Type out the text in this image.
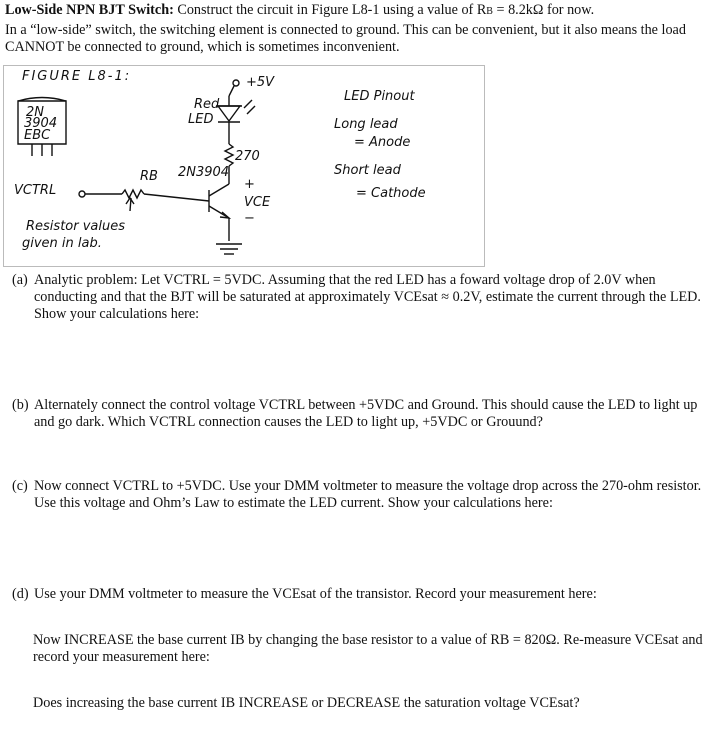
Low-Side NPN BJT Switch: Construct the circuit in Figure L8-1 using a value of RB = 8.2kΩ for now.

In a “low-side” switch, the switching element is connected to ground. This can be convenient, but it also means the load CANNOT be connected to ground, which is sometimes inconvenient.

FIGURE L8-1:	+5V
Red
LED
270
2N3904
2N
3904
EBC
RB
VCTRL	+
VCE
−
Resistor values
given in lab.
LED Pinout
Long lead
= Anode
Short lead
= Cathode
(a) Analytic problem: Let VCTRL = 5VDC. Assuming that the red LED has a foward voltage drop of 2.0V when conducting and that the BJT will be saturated at approximately VCEsat ≈ 0.2V, estimate the current through the LED. Show your calculations here:
(b) Alternately connect the control voltage VCTRL between +5VDC and Ground. This should cause the LED to light up and go dark. Which VCTRL connection causes the LED to light up, +5VDC or Grouund?
(c) Now connect VCTRL to +5VDC. Use your DMM voltmeter to measure the voltage drop across the 270-ohm resistor. Use this voltage and Ohm’s Law to estimate the LED current. Show your calculations here:
(d) Use your DMM voltmeter to measure the VCEsat of the transistor. Record your measurement here:

Now INCREASE the base current IB by changing the base resistor to a value of RB = 820Ω. Re-measure VCEsat and record your measurement here:

Does increasing the base current IB INCREASE or DECREASE the saturation voltage VCEsat?
